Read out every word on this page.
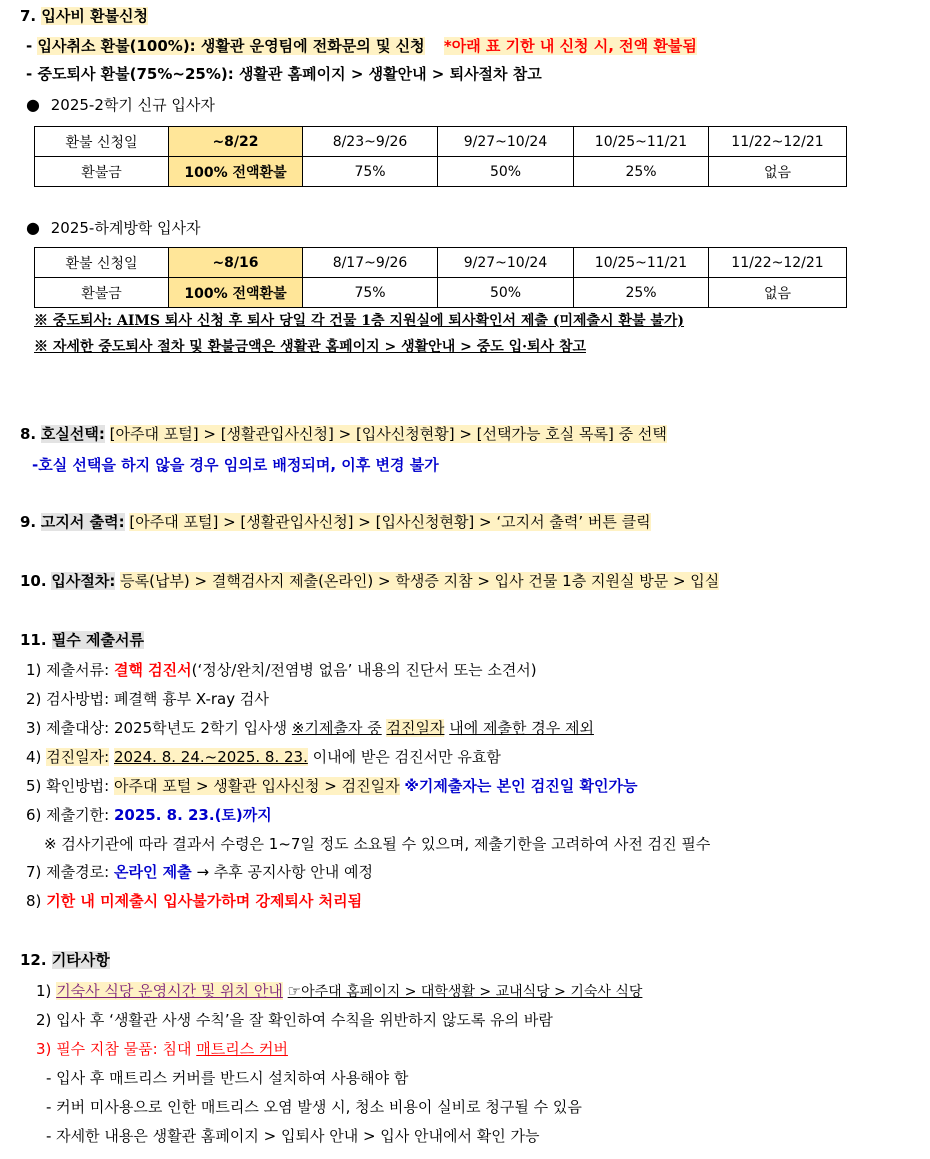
7. 입사비 환불신청
- 입사취소 환불(100%): 생활관 운영팀에 전화문의 및 신청 *아래 표 기한 내 신청 시, 전액 환불됨
- 중도퇴사 환불(75%~25%): 생활관 홈페이지 > 생활안내 > 퇴사절차 참고
● 2025-2학기 신규 입사자
환불 신청일	~8/22	8/23~9/26	9/27~10/24	10/25~11/21	11/22~12/21
환불금	100% 전액환불	75%	50%	25%	없음
● 2025-하계방학 입사자
환불 신청일	~8/16	8/17~9/26	9/27~10/24	10/25~11/21	11/22~12/21
환불금	100% 전액환불	75%	50%	25%	없음
※ 중도퇴사: AIMS 퇴사 신청 후 퇴사 당일 각 건물 1층 지원실에 퇴사확인서 제출 (미제출시 환불 불가)
※ 자세한 중도퇴사 절차 및 환불금액은 생활관 홈페이지 > 생활안내 > 중도 입·퇴사 참고
8. 호실선택: [아주대 포털] > [생활관입사신청] > [입사신청현황] > [선택가능 호실 목록] 중 선택
-호실 선택을 하지 않을 경우 임의로 배정되며, 이후 변경 불가
9. 고지서 출력: [아주대 포털] > [생활관입사신청] > [입사신청현황] > ‘고지서 출력’ 버튼 클릭
10. 입사절차: 등록(납부) > 결핵검사지 제출(온라인) > 학생증 지참 > 입사 건물 1층 지원실 방문 > 입실
11. 필수 제출서류
1) 제출서류: 결핵 검진서(‘정상/완치/전염병 없음’ 내용의 진단서 또는 소견서)
2) 검사방법: 폐결핵 흉부 X-ray 검사
3) 제출대상: 2025학년도 2학기 입사생 ※기제출자 중 검진일자 내에 제출한 경우 제외
4) 검진일자: 2024. 8. 24.~2025. 8. 23. 이내에 받은 검진서만 유효함
5) 확인방법: 아주대 포털 > 생활관 입사신청 > 검진일자 ※기제출자는 본인 검진일 확인가능
6) 제출기한: 2025. 8. 23.(토)까지
※ 검사기관에 따라 결과서 수령은 1~7일 정도 소요될 수 있으며, 제출기한을 고려하여 사전 검진 필수
7) 제출경로: 온라인 제출 → 추후 공지사항 안내 예정
8) 기한 내 미제출시 입사불가하며 강제퇴사 처리됨
12. 기타사항
1) 기숙사 식당 운영시간 및 위치 안내 ☞아주대 홈페이지 > 대학생활 > 교내식당 > 기숙사 식당
2) 입사 후 ‘생활관 사생 수칙’을 잘 확인하여 수칙을 위반하지 않도록 유의 바람
3) 필수 지참 물품: 침대 매트리스 커버
- 입사 후 매트리스 커버를 반드시 설치하여 사용해야 함
- 커버 미사용으로 인한 매트리스 오염 발생 시, 청소 비용이 실비로 청구될 수 있음
- 자세한 내용은 생활관 홈페이지 > 입퇴사 안내 > 입사 안내에서 확인 가능
